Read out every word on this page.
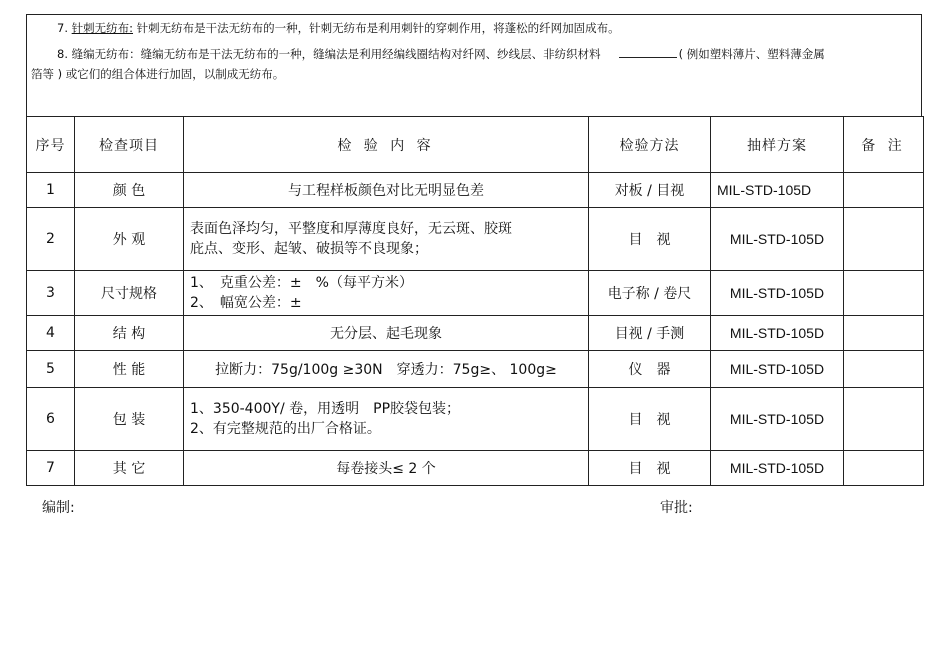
7. 针刺无纺布: 针刺无纺布是干法无纺布的一种，针刺无纺布是利用刺针的穿刺作用，将蓬松的纤网加固成布。

8. 缝编无纺布：缝编无纺布是干法无纺布的一种，缝编法是利用经编线圈结构对纤网、纱线层、非纺织材料	( 例如塑料薄片、塑料薄金属

箔等 ) 或它们的组合体进行加固，以制成无纺布。

序号	检查项目	检 验 内 容	检验方法	抽样方案	备 注
1	颜 色	与工程样板颜色对比无明显色差	对板 / 目视	MIL-STD-105D	
2	外 观	表面色泽均匀，平整度和厚薄度良好，无云斑、胶斑
庇点、变形、起皱、破损等不良现象；	目　视	MIL-STD-105D	
3	尺寸规格	1、　克重公差：±　%（每平方米）
2、　幅宽公差：±	电子称 / 卷尺	MIL-STD-105D	
4	结 构	无分层、起毛现象	目视 / 手测	MIL-STD-105D	
5	性 能	拉断力：75g/100g ≥30N　穿透力：75g≥、 100g≥	仪　器	MIL-STD-105D	
6	包 装	1、350-400Y/ 卷，用透明　PP胶袋包装；
2、有完整规范的出厂合格证。	目　视	MIL-STD-105D	
7	其 它	每卷接头≤ 2 个	目　视	MIL-STD-105D	
编制:	审批:
